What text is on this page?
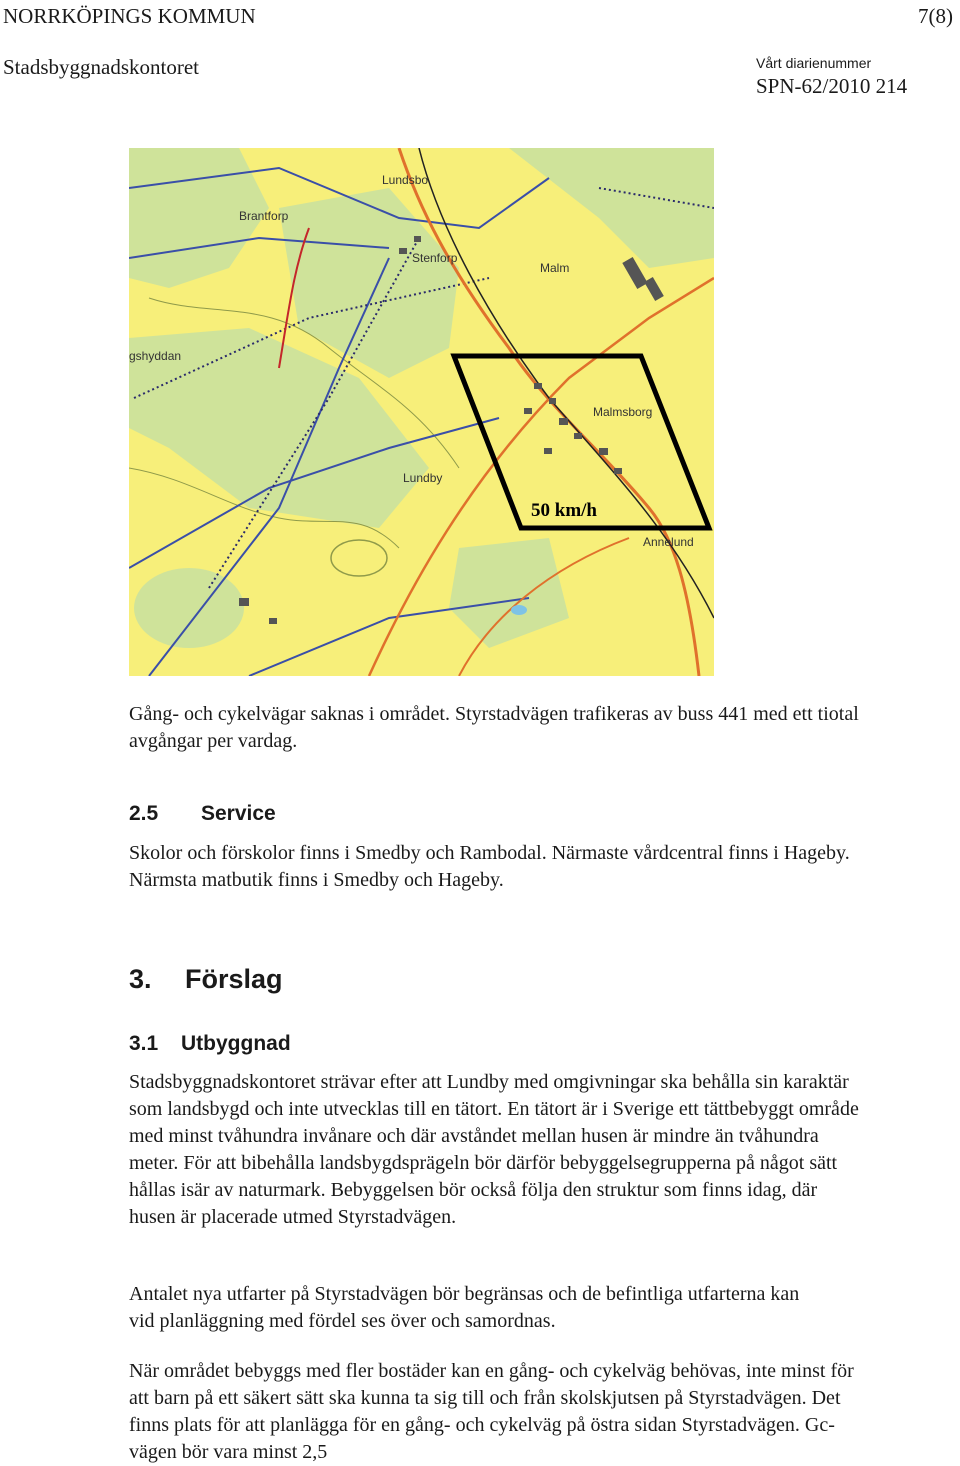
NORRKÖPINGS KOMMUN	7(8)
Stadsbyggnadskontoret	Vårt diarienummer
SPN-62/2010 214
Lundsbo
Brantforp
Stenforp
Malm
gshyddan
Malmsborg
Lundby
Annelund
50 km/h

Gång- och cykelvägar saknas i området. Styrstadvägen trafikeras av buss 441 med ett tiotal avgångar per vardag.

2.5 Service

Skolor och förskolor finns i Smedby och Rambodal. Närmaste vårdcentral finns i Hageby. Närmsta matbutik finns i Smedby och Hageby.

3. Förslag
3.1 Utbyggnad

Stadsbyggnadskontoret strävar efter att Lundby med omgivningar ska behålla sin karaktär som landsbygd och inte utvecklas till en tätort. En tätort är i Sverige ett tättbebyggt område med minst tvåhundra invånare och där avståndet mellan husen är mindre än tvåhundra meter. För att bibehålla landsbygdsprägeln bör därför bebyggelsegrupperna på något sätt hållas isär av naturmark. Bebyggelsen bör också följa den struktur som finns idag, där husen är placerade utmed Styrstadvägen.

Antalet nya utfarter på Styrstadvägen bör begränsas och de befintliga utfarterna kan vid planläggning med fördel ses över och samordnas.

När området bebyggs med fler bostäder kan en gång- och cykelväg behövas, inte minst för att barn på ett säkert sätt ska kunna ta sig till och från skolskjutsen på Styrstadvägen. Det finns plats för att planlägga för en gång- och cykelväg på östra sidan Styrstadvägen. Gc-vägen bör vara minst 2,5
